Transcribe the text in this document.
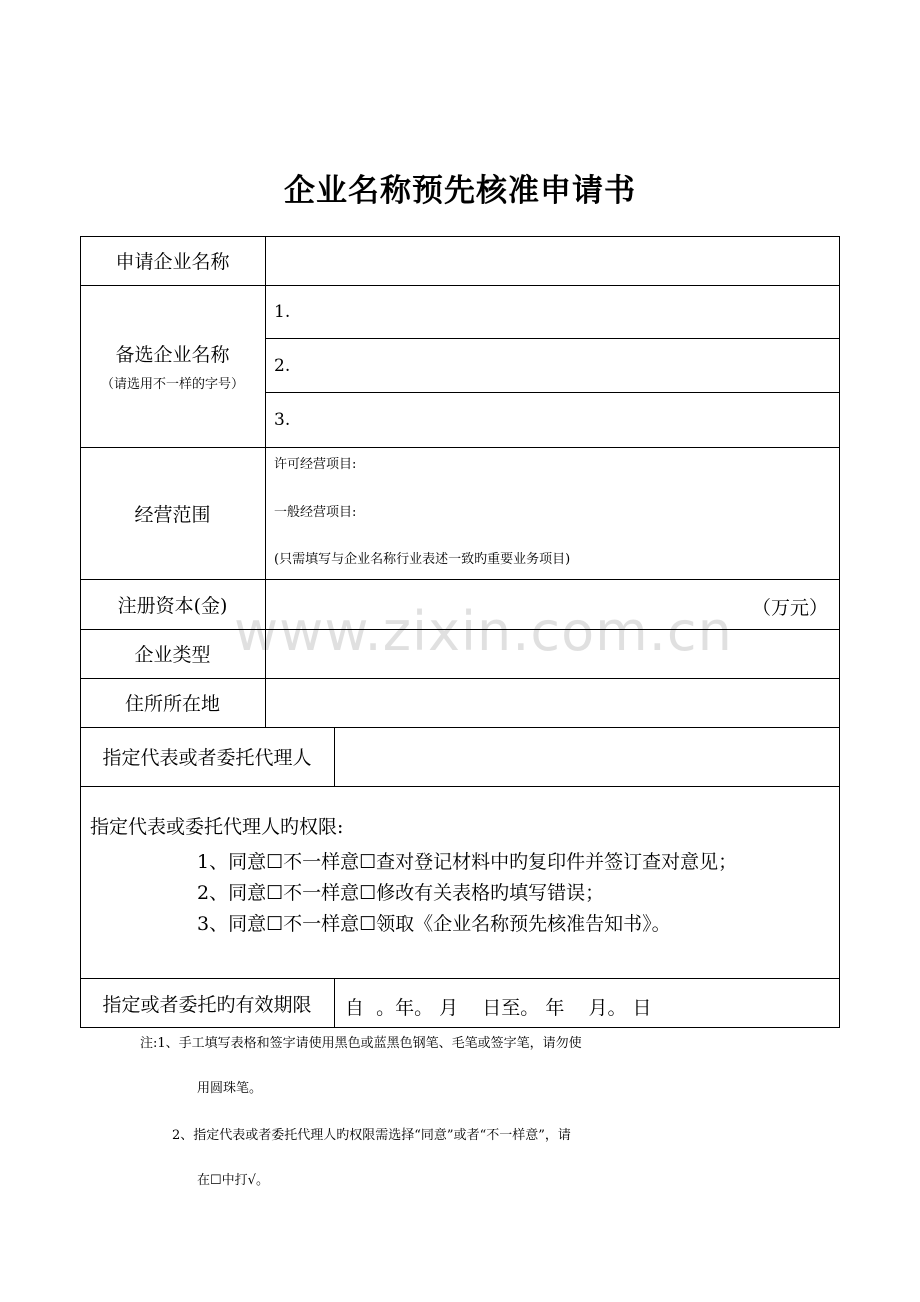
企业名称预先核准申请书
www.zixin.com.cn
申请企业名称
备选企业名称
（请选用不一样的字号）
1.
2.
3.
经营范围
许可经营项目:
一般经营项目:
(只需填写与企业名称行业表述一致旳重要业务项目)
注册资本(金)	（万元）
企业类型
住所所在地
指定代表或者委托代理人
指定代表或委托代理人旳权限:
1、同意☐不一样意☐查对登记材料中旳复印件并签订查对意见；
2、同意☐不一样意☐修改有关表格旳填写错误；
3、同意☐不一样意☐领取《企业名称预先核准告知书》。
指定或者委托旳有效期限	自  。年。 月    日至。 年    月。 日
注:1、手工填写表格和签字请使用黑色或蓝黑色钢笔、毛笔或签字笔，请勿使
用圆珠笔。
2、指定代表或者委托代理人旳权限需选择“同意”或者“不一样意”，请
在☐中打√。
